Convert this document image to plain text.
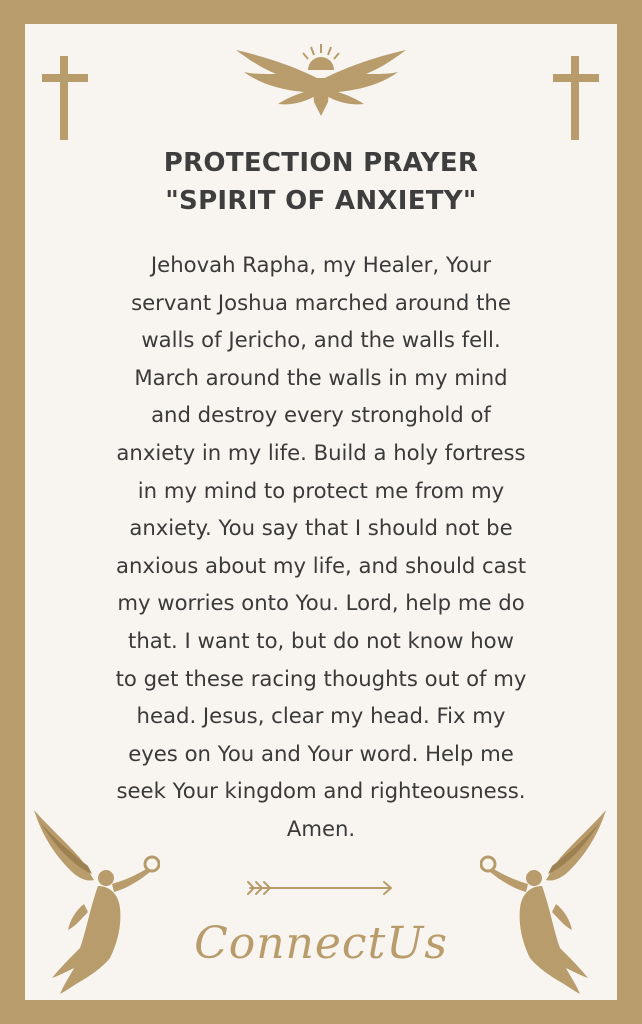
PROTECTION PRAYER
"SPIRIT OF ANXIETY"
Jehovah Rapha, my Healer, Your
servant Joshua marched around the
walls of Jericho, and the walls fell.
March around the walls in my mind
and destroy every stronghold of
anxiety in my life. Build a holy fortress
in my mind to protect me from my
anxiety. You say that I should not be
anxious about my life, and should cast
my worries onto You. Lord, help me do
that. I want to, but do not know how
to get these racing thoughts out of my
head. Jesus, clear my head. Fix my
eyes on You and Your word. Help me
seek Your kingdom and righteousness.
Amen.
ConnectUs
